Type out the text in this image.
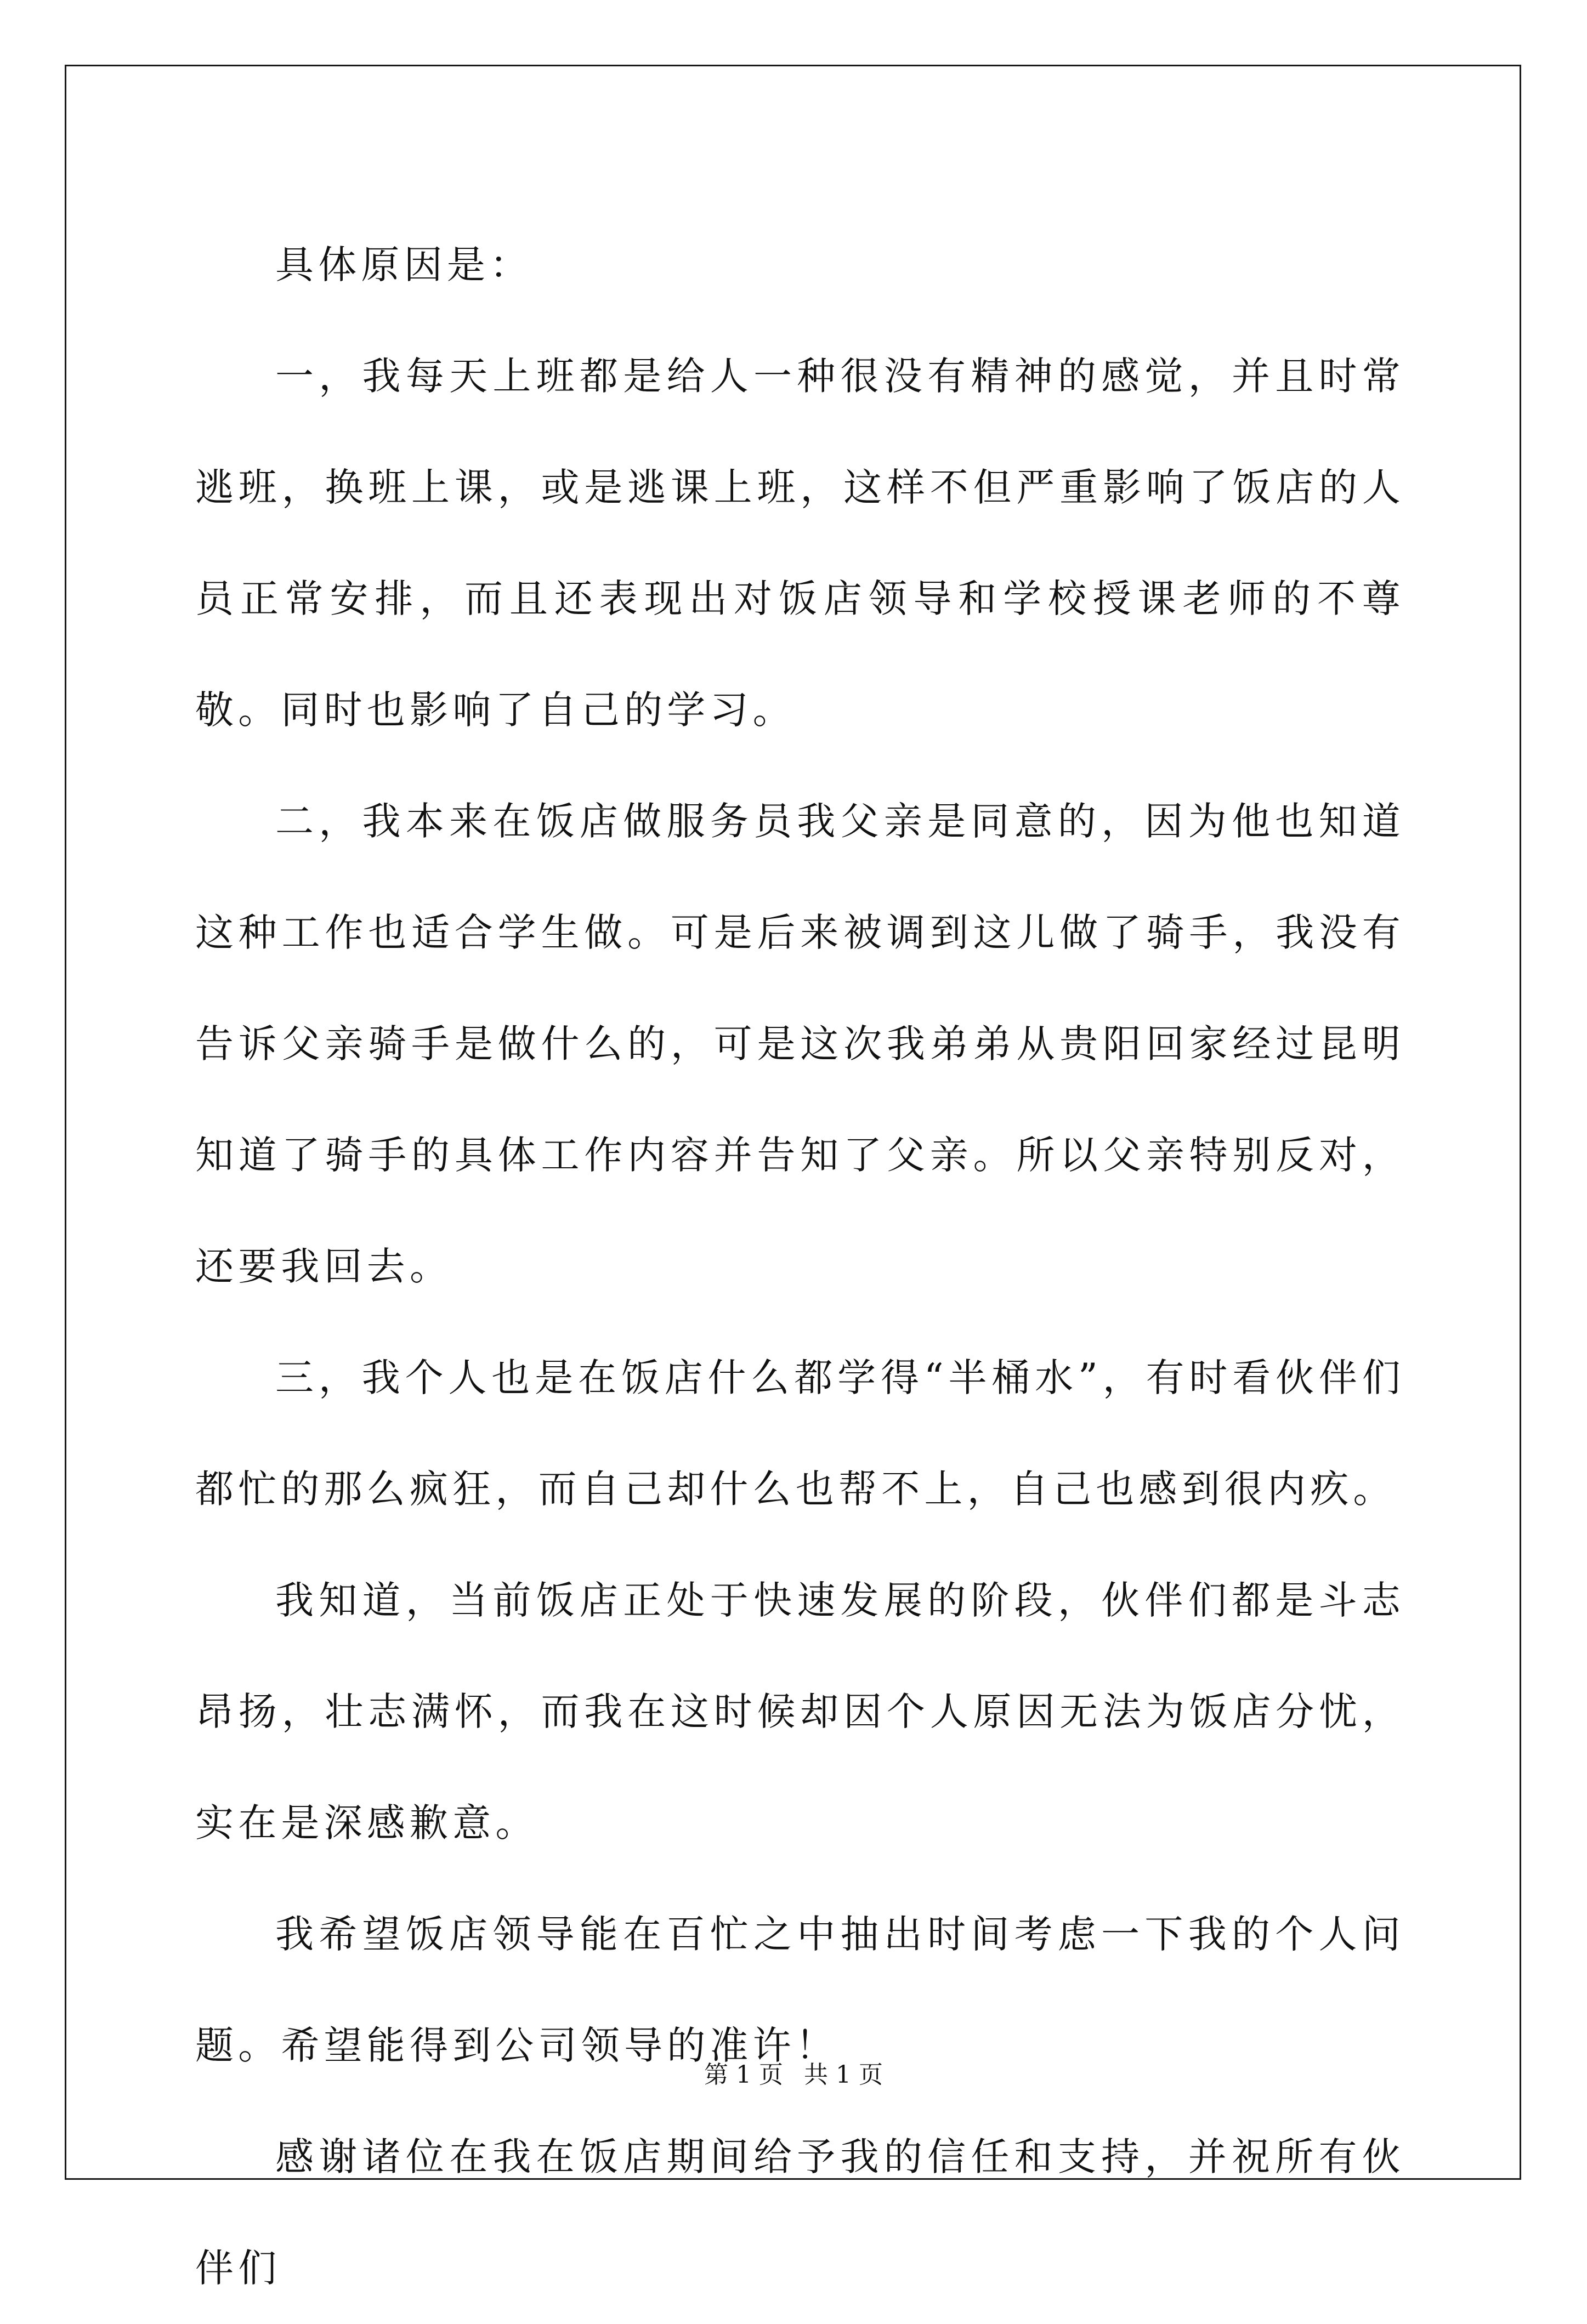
具体原因是：

一，我每天上班都是给人一种很没有精神的感觉，并且时常逃班，换班上课，或是逃课上班，这样不但严重影响了饭店的人员正常安排，而且还表现出对饭店领导和学校授课老师的不尊敬。同时也影响了自己的学习。

二，我本来在饭店做服务员我父亲是同意的，因为他也知道这种工作也适合学生做。可是后来被调到这儿做了骑手，我没有告诉父亲骑手是做什么的，可是这次我弟弟从贵阳回家经过昆明知道了骑手的具体工作内容并告知了父亲。所以父亲特别反对，还要我回去。

三，我个人也是在饭店什么都学得“半桶水”，有时看伙伴们都忙的那么疯狂，而自己却什么也帮不上，自己也感到很内疚。

我知道，当前饭店正处于快速发展的阶段，伙伴们都是斗志昂扬，壮志满怀，而我在这时候却因个人原因无法为饭店分忧，实在是深感歉意。

我希望饭店领导能在百忙之中抽出时间考虑一下我的个人问题。希望能得到公司领导的准许！

感谢诸位在我在饭店期间给予我的信任和支持，并祝所有伙伴们

第 1 页 共 1 页
